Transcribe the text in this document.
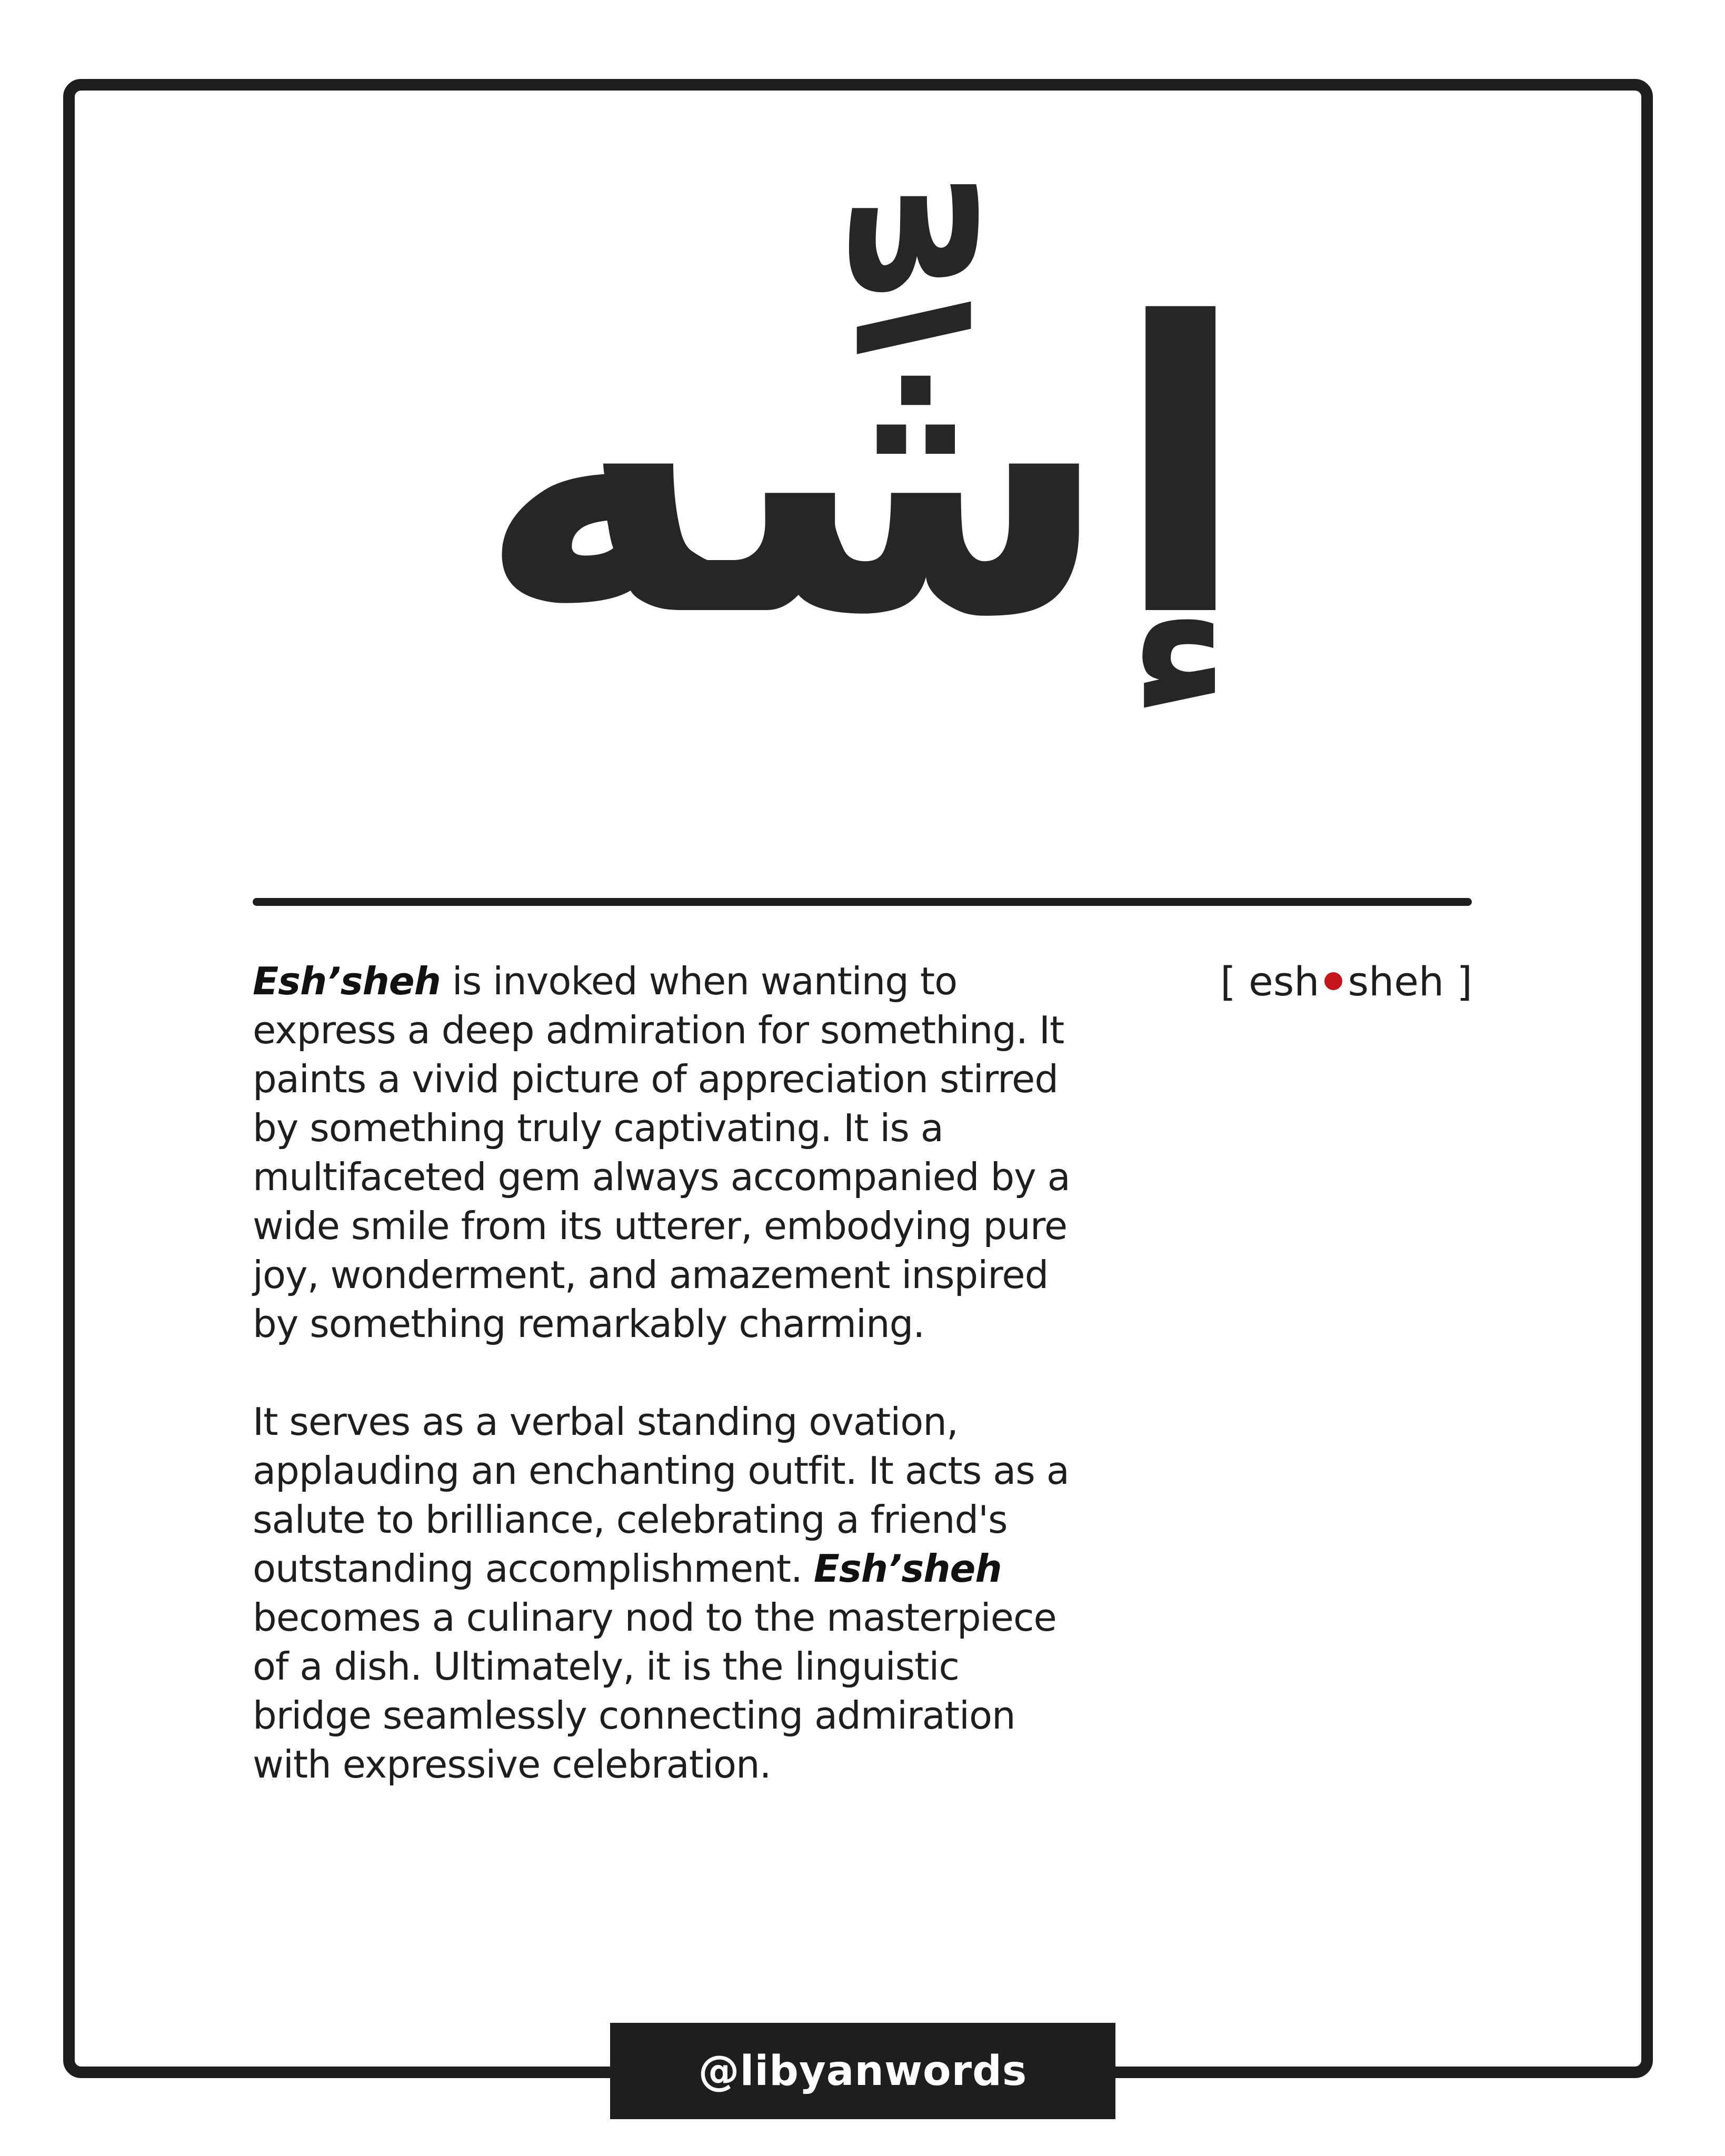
إشِّه

Esh’sheh is invoked when wanting to express a deep admiration for something. It paints a vivid picture of appreciation stirred by something truly captivating. It is a multifaceted gem always accompanied by a wide smile from its utterer, embodying pure joy, wonderment, and amazement inspired by something remarkably charming.

It serves as a verbal standing ovation, applauding an enchanting outfit. It acts as a salute to brilliance, celebrating a friend's outstanding accomplishment. Esh’sheh becomes a culinary nod to the masterpiece of a dish. Ultimately, it is the linguistic bridge seamlessly connecting admiration with expressive celebration.

[ esh sheh ]
@libyanwords
